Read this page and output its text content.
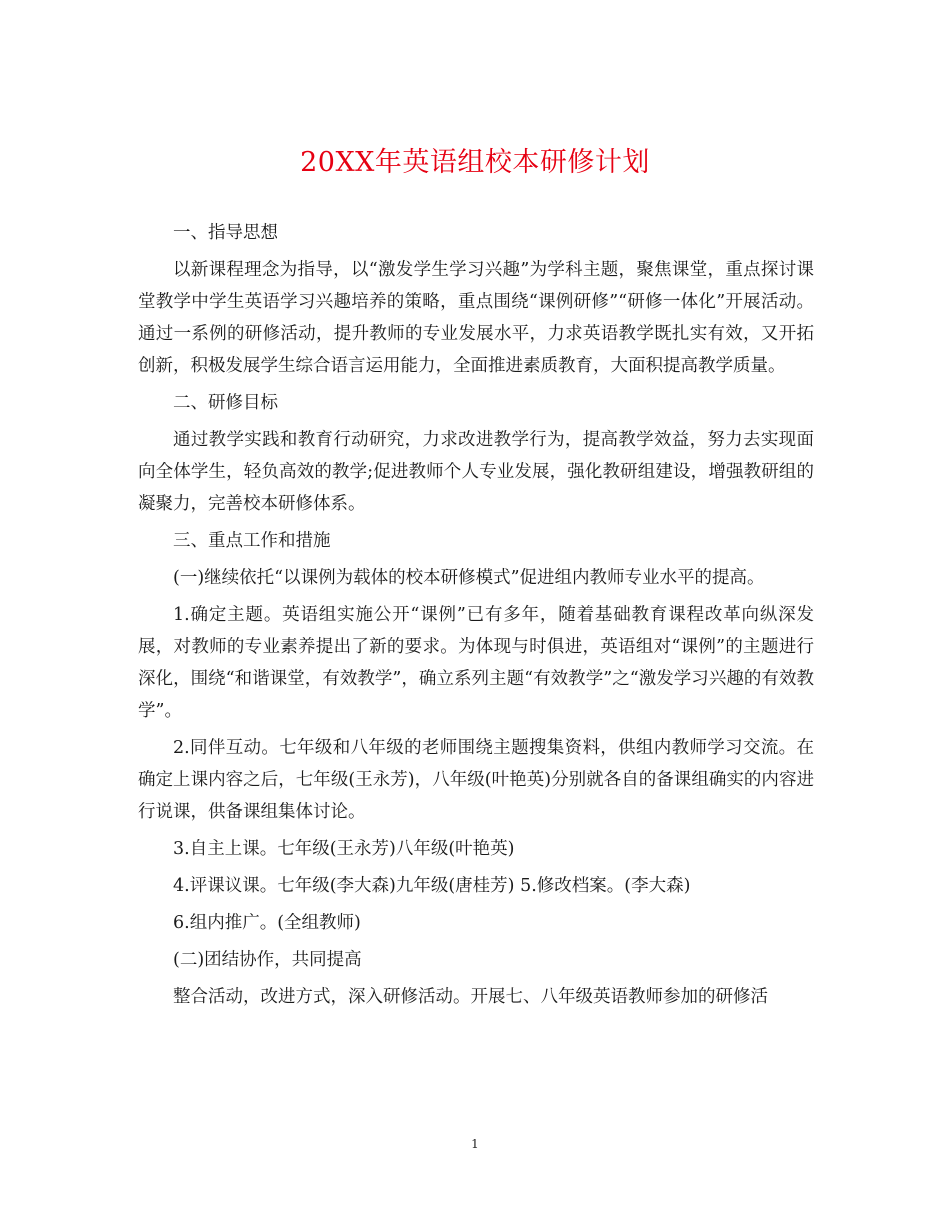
20XX年英语组校本研修计划

一、指导思想

以新课程理念为指导，以“激发学生学习兴趣”为学科主题，聚焦课堂，重点探讨课堂教学中学生英语学习兴趣培养的策略，重点围绕“课例研修”“研修一体化”开展活动。通过一系例的研修活动，提升教师的专业发展水平，力求英语教学既扎实有效，又开拓创新，积极发展学生综合语言运用能力，全面推进素质教育，大面积提高教学质量。

二、研修目标

通过教学实践和教育行动研究，力求改进教学行为，提高教学效益，努力去实现面向全体学生，轻负高效的教学;促进教师个人专业发展，强化教研组建设，增强教研组的凝聚力，完善校本研修体系。

三、重点工作和措施

(一)继续依托“以课例为载体的校本研修模式”促进组内教师专业水平的提高。

1.确定主题。英语组实施公开“课例”已有多年，随着基础教育课程改革向纵深发展，对教师的专业素养提出了新的要求。为体现与时俱进，英语组对“课例”的主题进行深化，围绕“和谐课堂，有效教学”，确立系列主题“有效教学”之“激发学习兴趣的有效教学”。

2.同伴互动。七年级和八年级的老师围绕主题搜集资料，供组内教师学习交流。在确定上课内容之后，七年级(王永芳)，八年级(叶艳英)分别就各自的备课组确实的内容进行说课，供备课组集体讨论。

3.自主上课。七年级(王永芳)八年级(叶艳英)

4.评课议课。七年级(李大森)九年级(唐桂芳) 5.修改档案。(李大森)

6.组内推广。(全组教师)

(二)团结协作，共同提高

整合活动，改进方式，深入研修活动。开展七、八年级英语教师参加的研修活

1
